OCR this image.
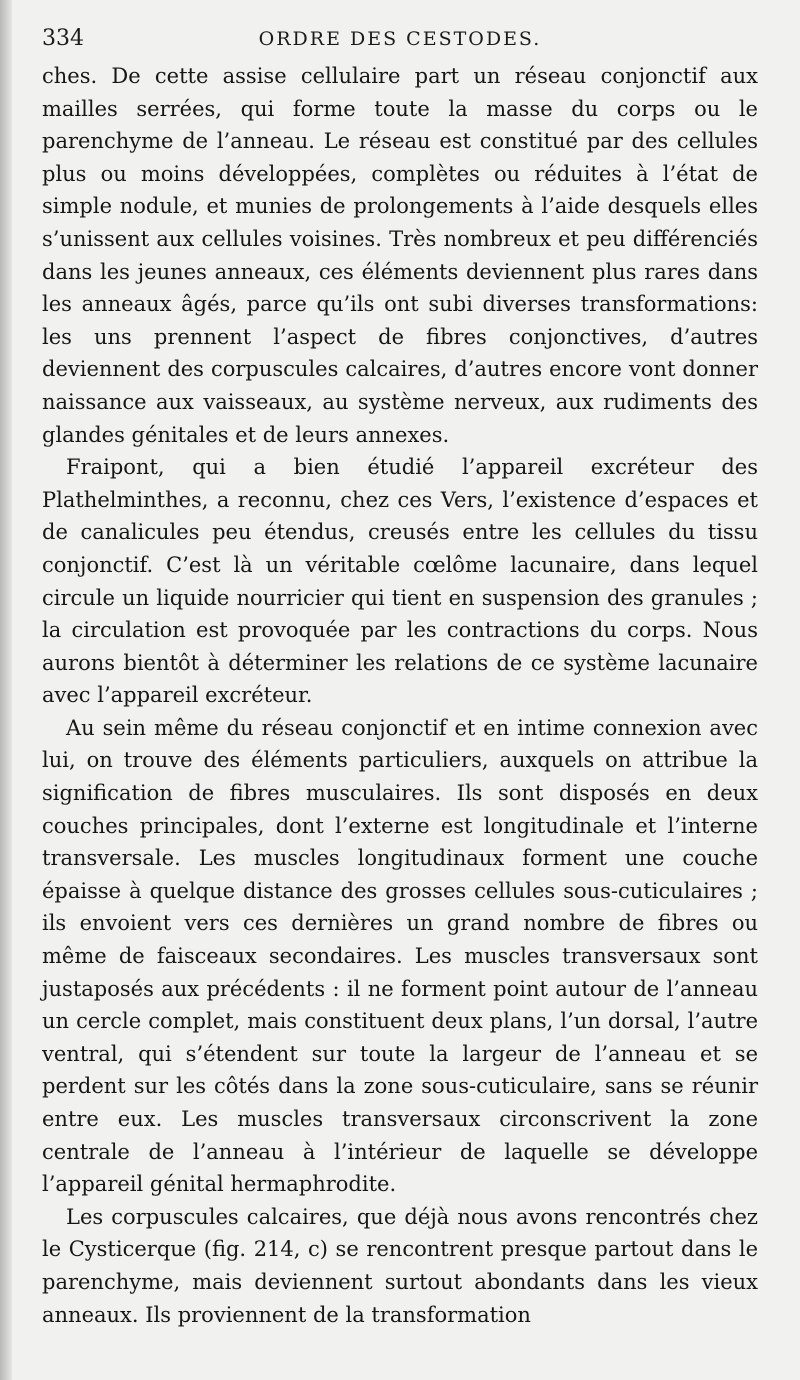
334	ORDRE DES CESTODES.

ches. De cette assise cellulaire part un réseau conjonctif aux mailles serrées, qui forme toute la masse du corps ou le parenchyme de l’anneau. Le réseau est constitué par des cellules plus ou moins développées, complètes ou réduites à l’état de simple nodule, et munies de prolongements à l’aide desquels elles s’unissent aux cellules voisines. Très nombreux et peu différenciés dans les jeunes anneaux, ces éléments deviennent plus rares dans les anneaux âgés, parce qu’ils ont subi diverses transformations: les uns prennent l’aspect de fibres conjonctives, d’autres deviennent des corpuscules calcaires, d’autres encore vont donner naissance aux vaisseaux, au système nerveux, aux rudiments des glandes génitales et de leurs annexes.

Fraipont, qui a bien étudié l’appareil excréteur des Plathelminthes, a reconnu, chez ces Vers, l’existence d’espaces et de canalicules peu étendus, creusés entre les cellules du tissu conjonctif. C’est là un véritable cœlôme lacunaire, dans lequel circule un liquide nourricier qui tient en suspension des granules ; la circulation est provoquée par les contractions du corps. Nous aurons bientôt à déterminer les relations de ce système lacunaire avec l’appareil excréteur.

Au sein même du réseau conjonctif et en intime connexion avec lui, on trouve des éléments particuliers, auxquels on attribue la signification de fibres musculaires. Ils sont disposés en deux couches principales, dont l’externe est longitudinale et l’interne transversale. Les muscles longitudinaux forment une couche épaisse à quelque distance des grosses cellules sous-cuticulaires ; ils envoient vers ces dernières un grand nombre de fibres ou même de faisceaux secondaires. Les muscles transversaux sont justaposés aux précédents : il ne forment point autour de l’anneau un cercle complet, mais constituent deux plans, l’un dorsal, l’autre ventral, qui s’étendent sur toute la largeur de l’anneau et se perdent sur les côtés dans la zone sous-cuticulaire, sans se réunir entre eux. Les muscles transversaux circonscrivent la zone centrale de l’anneau à l’intérieur de laquelle se développe l’appareil génital hermaphrodite.

Les corpuscules calcaires, que déjà nous avons rencontrés chez le Cysticerque (fig. 214, c) se rencontrent presque partout dans le parenchyme, mais deviennent surtout abondants dans les vieux anneaux. Ils proviennent de la transformation
